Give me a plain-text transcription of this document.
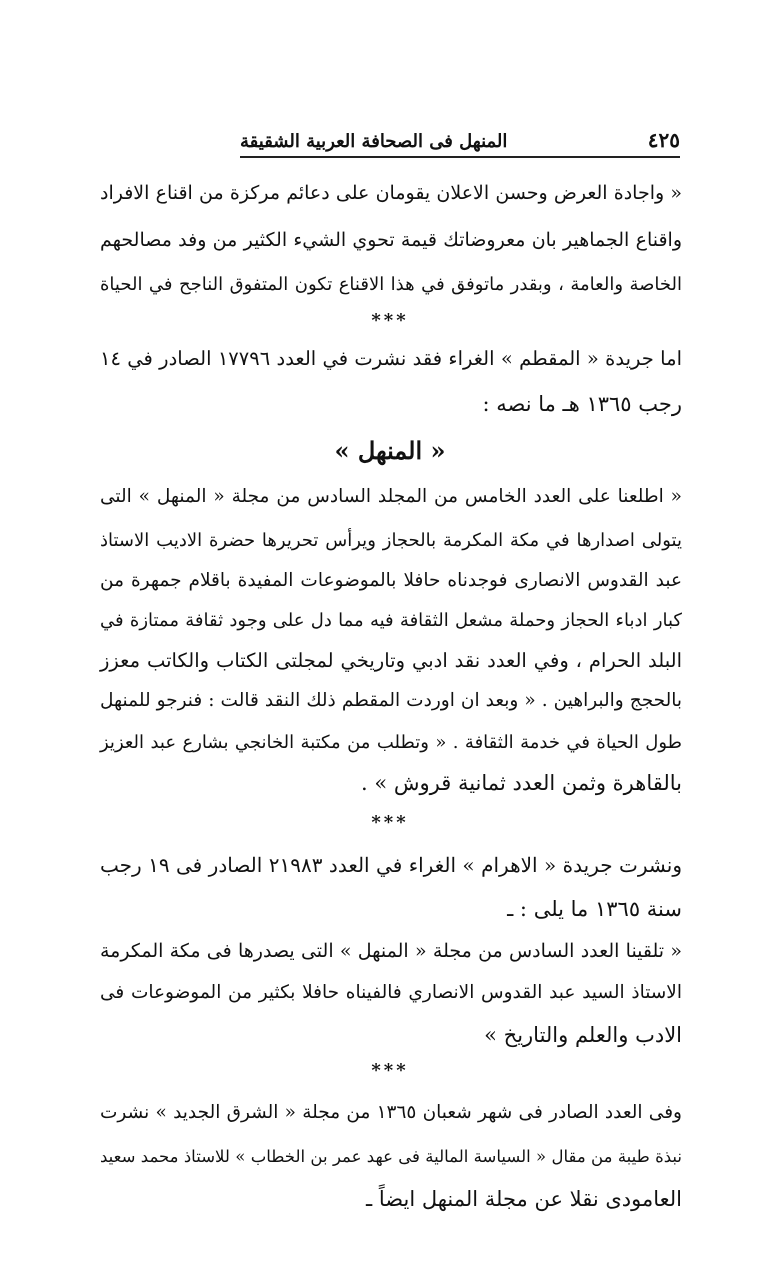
٤٢٥
المنهل فى الصحافة العربية الشقيقة
« واجادة العرض وحسن الاعلان يقومان على دعائم مركزة من اقناع الافراد
واقناع الجماهير بان معروضاتك قيمة تحوي الشيء الكثير من وفد مصالحهم
الخاصة والعامة ، وبقدر ماتوفق في هذا الاقناع تكون المتفوق الناجح في الحياة
***
اما جريدة « المقطم » الغراء فقد نشرت في العدد ١٧٧٩٦ الصادر في ١٤
رجب ١٣٦٥ هـ ما نصه :
« المنهل »
« اطلعنا على العدد الخامس من المجلد السادس من مجلة « المنهل » التى
يتولى اصدارها في مكة المكرمة بالحجاز ويرأس تحريرها حضرة الاديب الاستاذ
عبد القدوس الانصارى فوجدناه حافلا بالموضوعات المفيدة باقلام جمهرة من
كبار ادباء الحجاز وحملة مشعل الثقافة فيه مما دل على وجود ثقافة ممتازة في
البلد الحرام ، وفي العدد نقد ادبي وتاريخي لمجلتى الكتاب والكاتب معزز
بالحجج والبراهين . « وبعد ان اوردت المقطم ذلك النقد قالت : فنرجو للمنهل
طول الحياة في خدمة الثقافة . « وتطلب من مكتبة الخانجي بشارع عبد العزيز
بالقاهرة وثمن العدد ثمانية قروش » .
***
ونشرت جريدة « الاهرام » الغراء في العدد ٢١٩٨٣ الصادر فى ١٩ رجب
سنة ١٣٦٥ ما يلى : ـ
« تلقينا العدد السادس من مجلة « المنهل » التى يصدرها فى مكة المكرمة
الاستاذ السيد عبد القدوس الانصاري فالفيناه حافلا بكثير من الموضوعات فى
الادب والعلم والتاريخ »
***
وفى العدد الصادر فى شهر شعبان ١٣٦٥ من مجلة « الشرق الجديد » نشرت
نبذة طيبة من مقال « السياسة المالية فى عهد عمر بن الخطاب » للاستاذ محمد سعيد
العامودى نقلا عن مجلة المنهل ايضاً ـ
